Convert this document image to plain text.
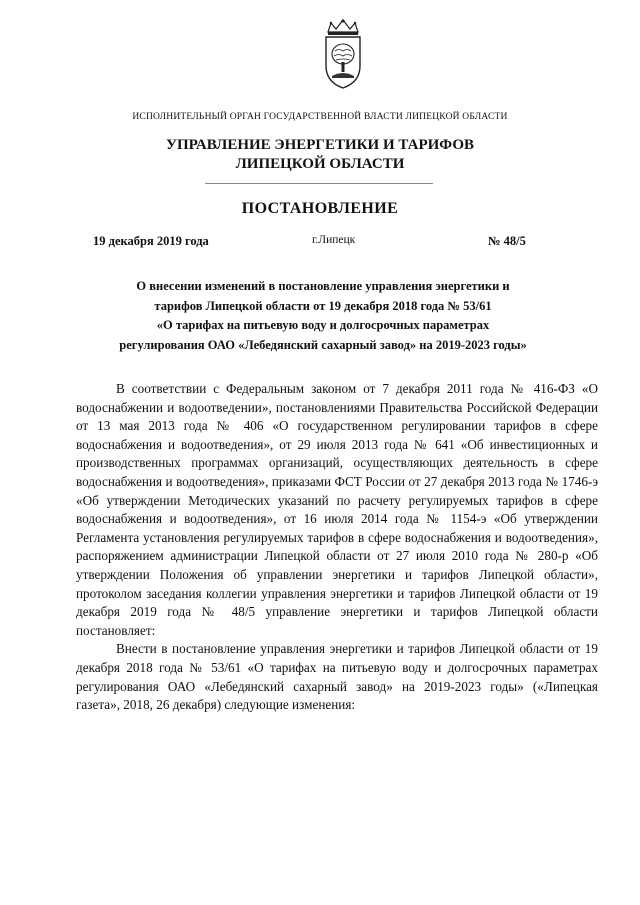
ИСПОЛНИТЕЛЬНЫЙ ОРГАН ГОСУДАРСТВЕННОЙ ВЛАСТИ ЛИПЕЦКОЙ ОБЛАСТИ
УПРАВЛЕНИЕ ЭНЕРГЕТИКИ И ТАРИФОВ
ЛИПЕЦКОЙ ОБЛАСТИ
ПОСТАНОВЛЕНИЕ
19 декабря 2019 года	г.Липецк	№ 48/5
О внесении изменений в постановление управления энергетики и
тарифов Липецкой области от 19 декабря 2018 года № 53/61
«О тарифах на питьевую воду и долгосрочных параметрах
регулирования ОАО «Лебедянский сахарный завод» на 2019-2023 годы»

В соответствии с Федеральным законом от 7 декабря 2011 года № 416-ФЗ «О водоснабжении и водоотведении», постановлениями Правительства Российской Федерации от 13 мая 2013 года № 406 «О государственном регулировании тарифов в сфере водоснабжения и водоотведения», от 29 июля 2013 года № 641 «Об инвестиционных и производственных программах организаций, осуществляющих деятельность в сфере водоснабжения и водоотведения», приказами ФСТ России от 27 декабря 2013 года № 1746-э «Об утверждении Методических указаний по расчету регулируемых тарифов в сфере водоснабжения и водоотведения», от 16 июля 2014 года № 1154-э «Об утверждении Регламента установления регулируемых тарифов в сфере водоснабжения и водоотведения», распоряжением администрации Липецкой области от 27 июля 2010 года № 280-р «Об утверждении Положения об управлении энергетики и тарифов Липецкой области», протоколом заседания коллегии управления энергетики и тарифов Липецкой области от 19 декабря 2019 года № 48/5 управление энергетики и тарифов Липецкой области постановляет:

Внести в постановление управления энергетики и тарифов Липецкой области от 19 декабря 2018 года № 53/61 «О тарифах на питьевую воду и долгосрочных параметрах регулирования ОАО «Лебедянский сахарный завод» на 2019-2023 годы» («Липецкая газета», 2018, 26 декабря) следующие изменения:
